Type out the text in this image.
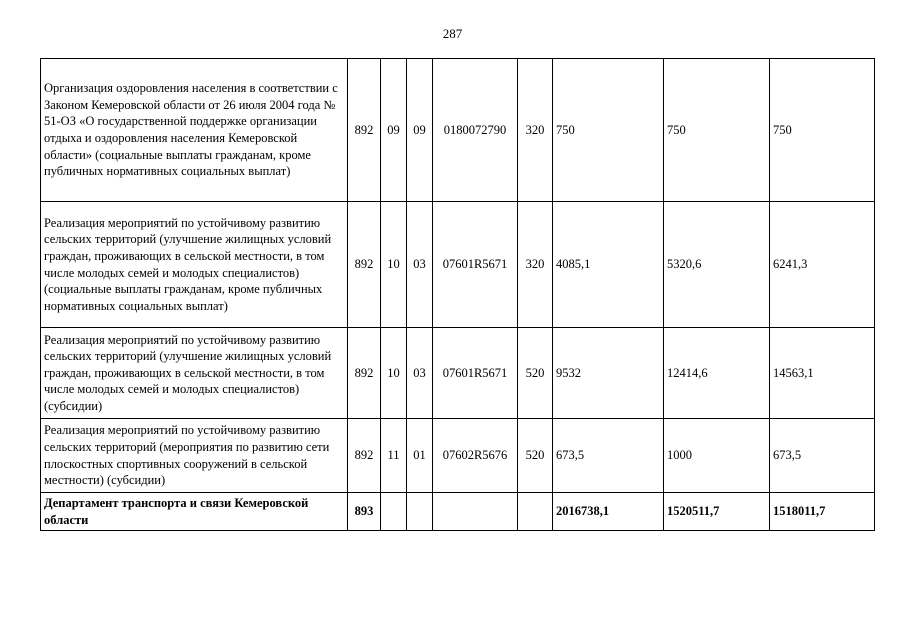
287
Организация оздоровления населения в соответствии с Законом Кемеровской области от 26 июля 2004 года № 51-ОЗ «О государственной поддержке организации отдыха и оздоровления населения Кемеровской области» (социальные выплаты гражданам, кроме публичных нормативных социальных выплат)	892	09	09	0180072790	320	750	750	750
Реализация мероприятий по устойчивому развитию сельских территорий (улучшение жилищных условий граждан, проживающих в сельской местности, в том числе молодых семей и молодых специалистов) (социальные выплаты гражданам, кроме публичных нормативных социальных выплат)	892	10	03	07601R5671	320	4085,1	5320,6	6241,3
Реализация мероприятий по устойчивому развитию сельских территорий (улучшение жилищных условий граждан, проживающих в сельской местности, в том числе молодых семей и молодых специалистов) (субсидии)	892	10	03	07601R5671	520	9532	12414,6	14563,1
Реализация мероприятий по устойчивому развитию сельских территорий (мероприятия по развитию сети плоскостных спортивных сооружений в сельской местности) (субсидии)	892	11	01	07602R5676	520	673,5	1000	673,5
Департамент транспорта и связи Кемеровской области	893					2016738,1	1520511,7	1518011,7
